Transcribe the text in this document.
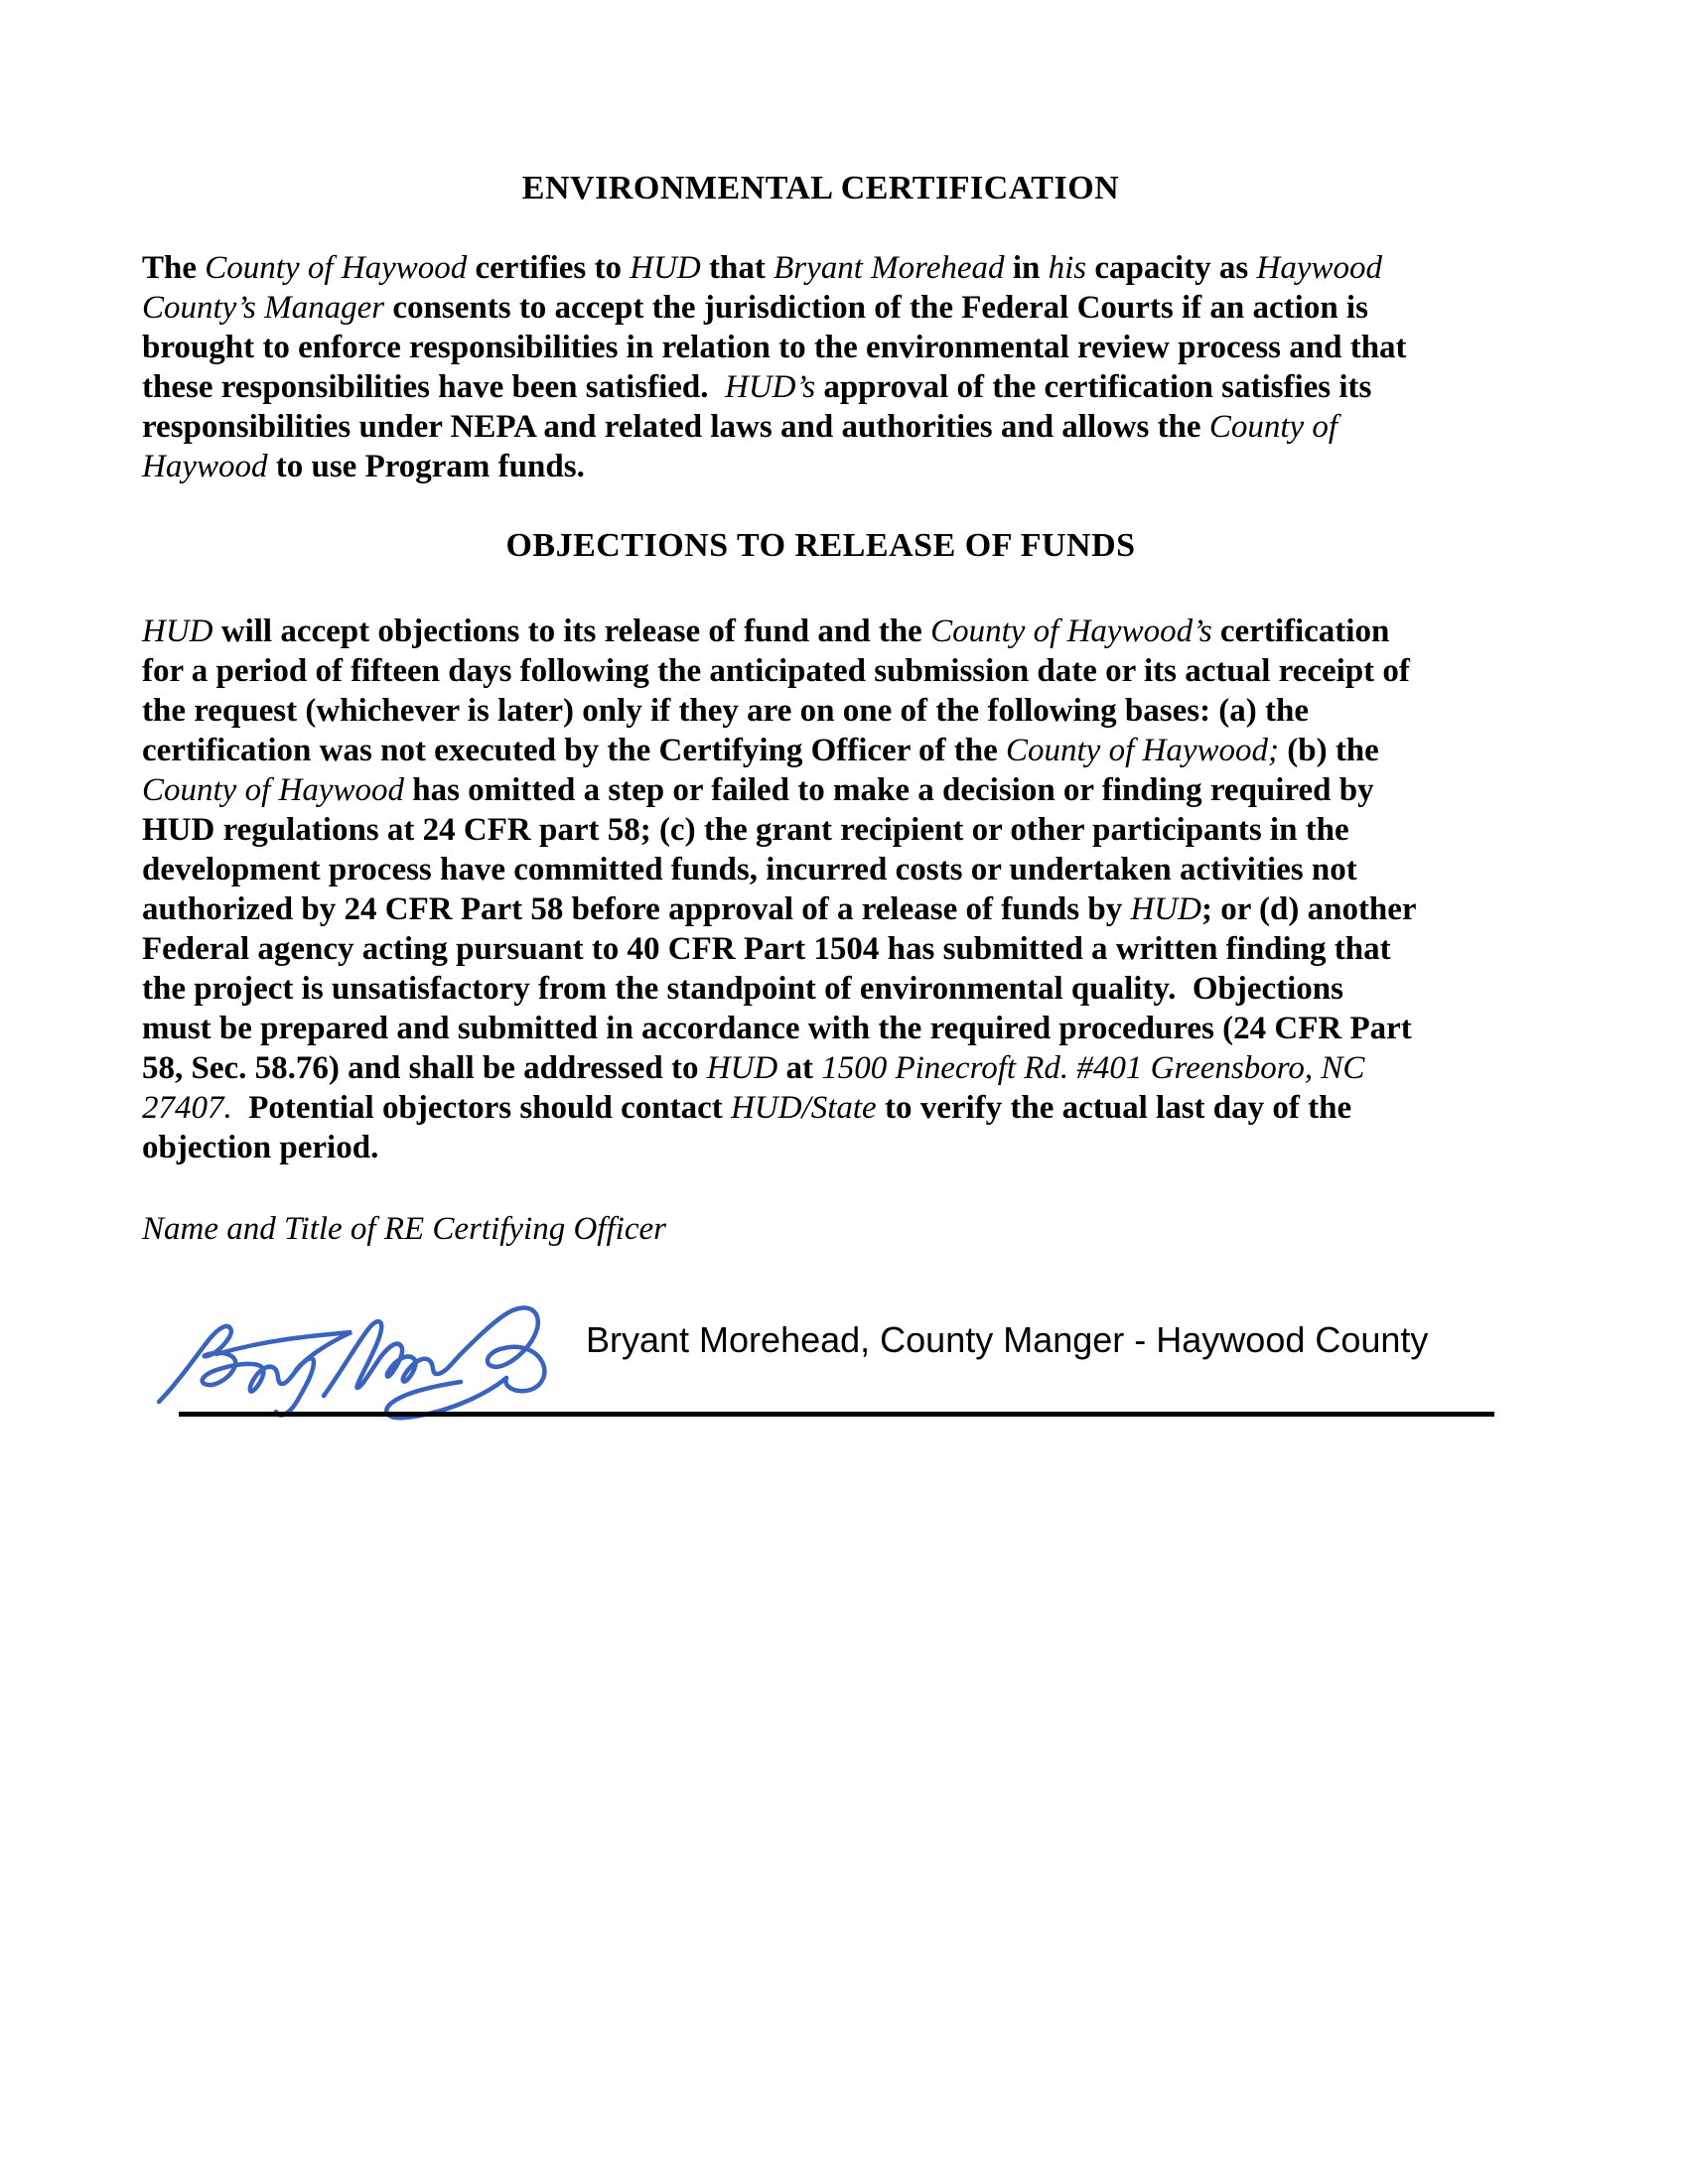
ENVIRONMENTAL CERTIFICATION
The County of Haywood certifies to HUD that Bryant Morehead in his capacity as Haywood
County’s Manager consents to accept the jurisdiction of the Federal Courts if an action is
brought to enforce responsibilities in relation to the environmental review process and that
these responsibilities have been satisfied.  HUD’s approval of the certification satisfies its
responsibilities under NEPA and related laws and authorities and allows the County of
Haywood to use Program funds.
OBJECTIONS TO RELEASE OF FUNDS
HUD will accept objections to its release of fund and the County of Haywood’s certification
for a period of fifteen days following the anticipated submission date or its actual receipt of
the request (whichever is later) only if they are on one of the following bases: (a) the
certification was not executed by the Certifying Officer of the County of Haywood; (b) the
County of Haywood has omitted a step or failed to make a decision or finding required by
HUD regulations at 24 CFR part 58; (c) the grant recipient or other participants in the
development process have committed funds, incurred costs or undertaken activities not
authorized by 24 CFR Part 58 before approval of a release of funds by HUD; or (d) another
Federal agency acting pursuant to 40 CFR Part 1504 has submitted a written finding that
the project is unsatisfactory from the standpoint of environmental quality.  Objections
must be prepared and submitted in accordance with the required procedures (24 CFR Part
58, Sec. 58.76) and shall be addressed to HUD at 1500 Pinecroft Rd. #401 Greensboro, NC
27407.  Potential objectors should contact HUD/State to verify the actual last day of the
objection period.
Name and Title of RE Certifying Officer
Bryant Morehead, County Manger - Haywood County
